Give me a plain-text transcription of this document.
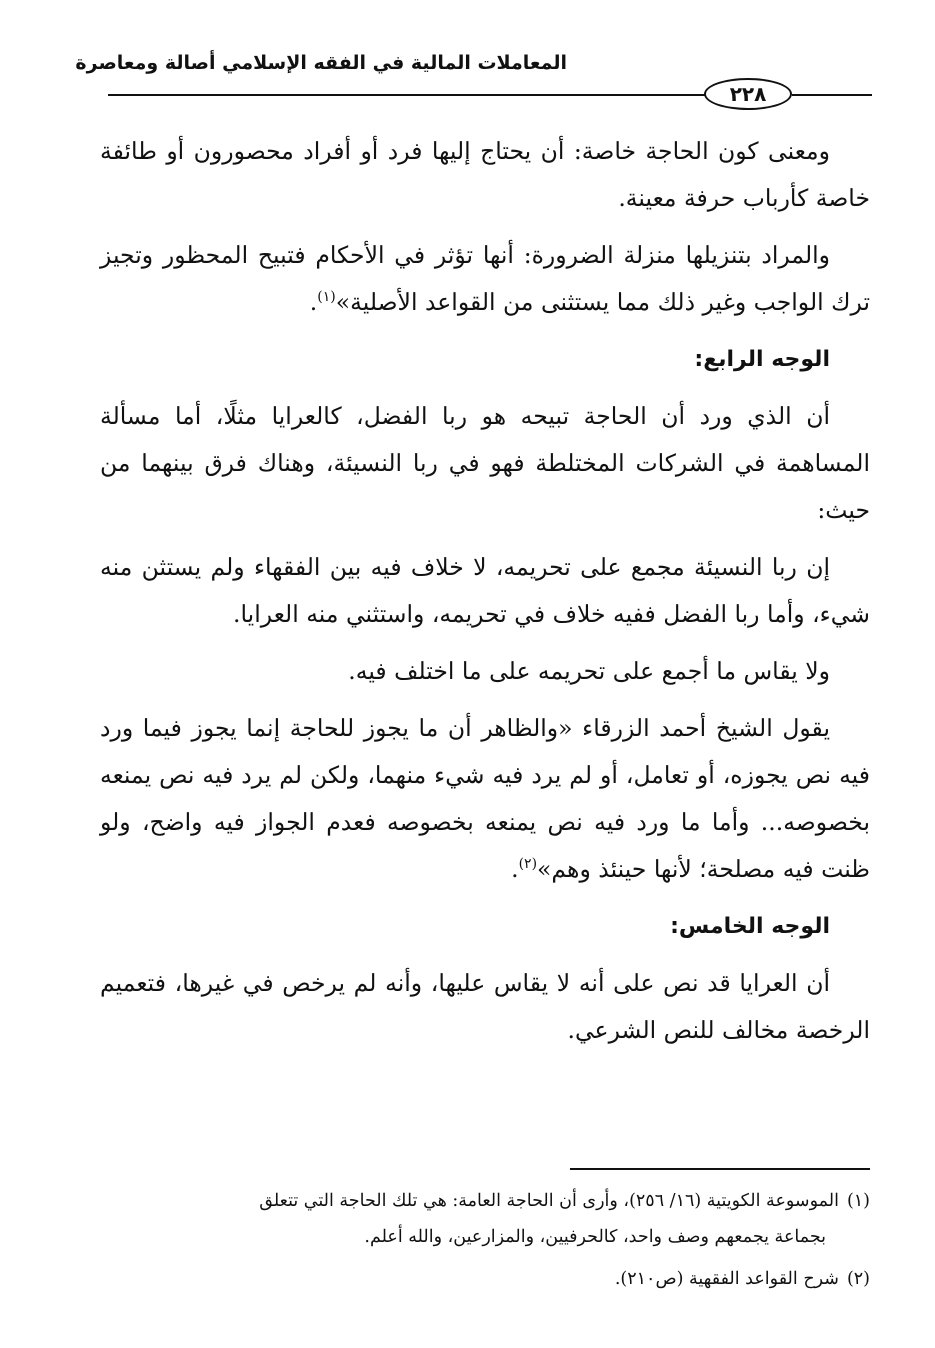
المعاملات المالية في الفقه الإسلامي أصالة ومعاصرة
٢٢٨

ومعنى كون الحاجة خاصة: أن يحتاج إليها فرد أو أفراد محصورون أو طائفة خاصة كأرباب حرفة معينة.

والمراد بتنزيلها منزلة الضرورة: أنها تؤثر في الأحكام فتبيح المحظور وتجيز ترك الواجب وغير ذلك مما يستثنى من القواعد الأصلية»$^{(١)}$.

الوجه الرابع:

أن الذي ورد أن الحاجة تبيحه هو ربا الفضل، كالعرايا مثلًا، أما مسألة المساهمة في الشركات المختلطة فهو في ربا النسيئة، وهناك فرق بينهما من حيث:

إن ربا النسيئة مجمع على تحريمه، لا خلاف فيه بين الفقهاء ولم يستثن منه شيء، وأما ربا الفضل ففيه خلاف في تحريمه، واستثني منه العرايا.

ولا يقاس ما أجمع على تحريمه على ما اختلف فيه.

يقول الشيخ أحمد الزرقاء «والظاهر أن ما يجوز للحاجة إنما يجوز فيما ورد فيه نص يجوزه، أو تعامل، أو لم يرد فيه شيء منهما، ولكن لم يرد فيه نص يمنعه بخصوصه... وأما ما ورد فيه نص يمنعه بخصوصه فعدم الجواز فيه واضح، ولو ظنت فيه مصلحة؛ لأنها حينئذ وهم»$^{(٢)}$.

الوجه الخامس:

أن العرايا قد نص على أنه لا يقاس عليها، وأنه لم يرخص في غيرها، فتعميم الرخصة مخالف للنص الشرعي.

(١)الموسوعة الكويتية (١٦/ ٢٥٦)، وأرى أن الحاجة العامة: هي تلك الحاجة التي تتعلق
بجماعة يجمعهم وصف واحد، كالحرفيين، والمزارعين، والله أعلم.
(٢)شرح القواعد الفقهية (ص٢١٠).
